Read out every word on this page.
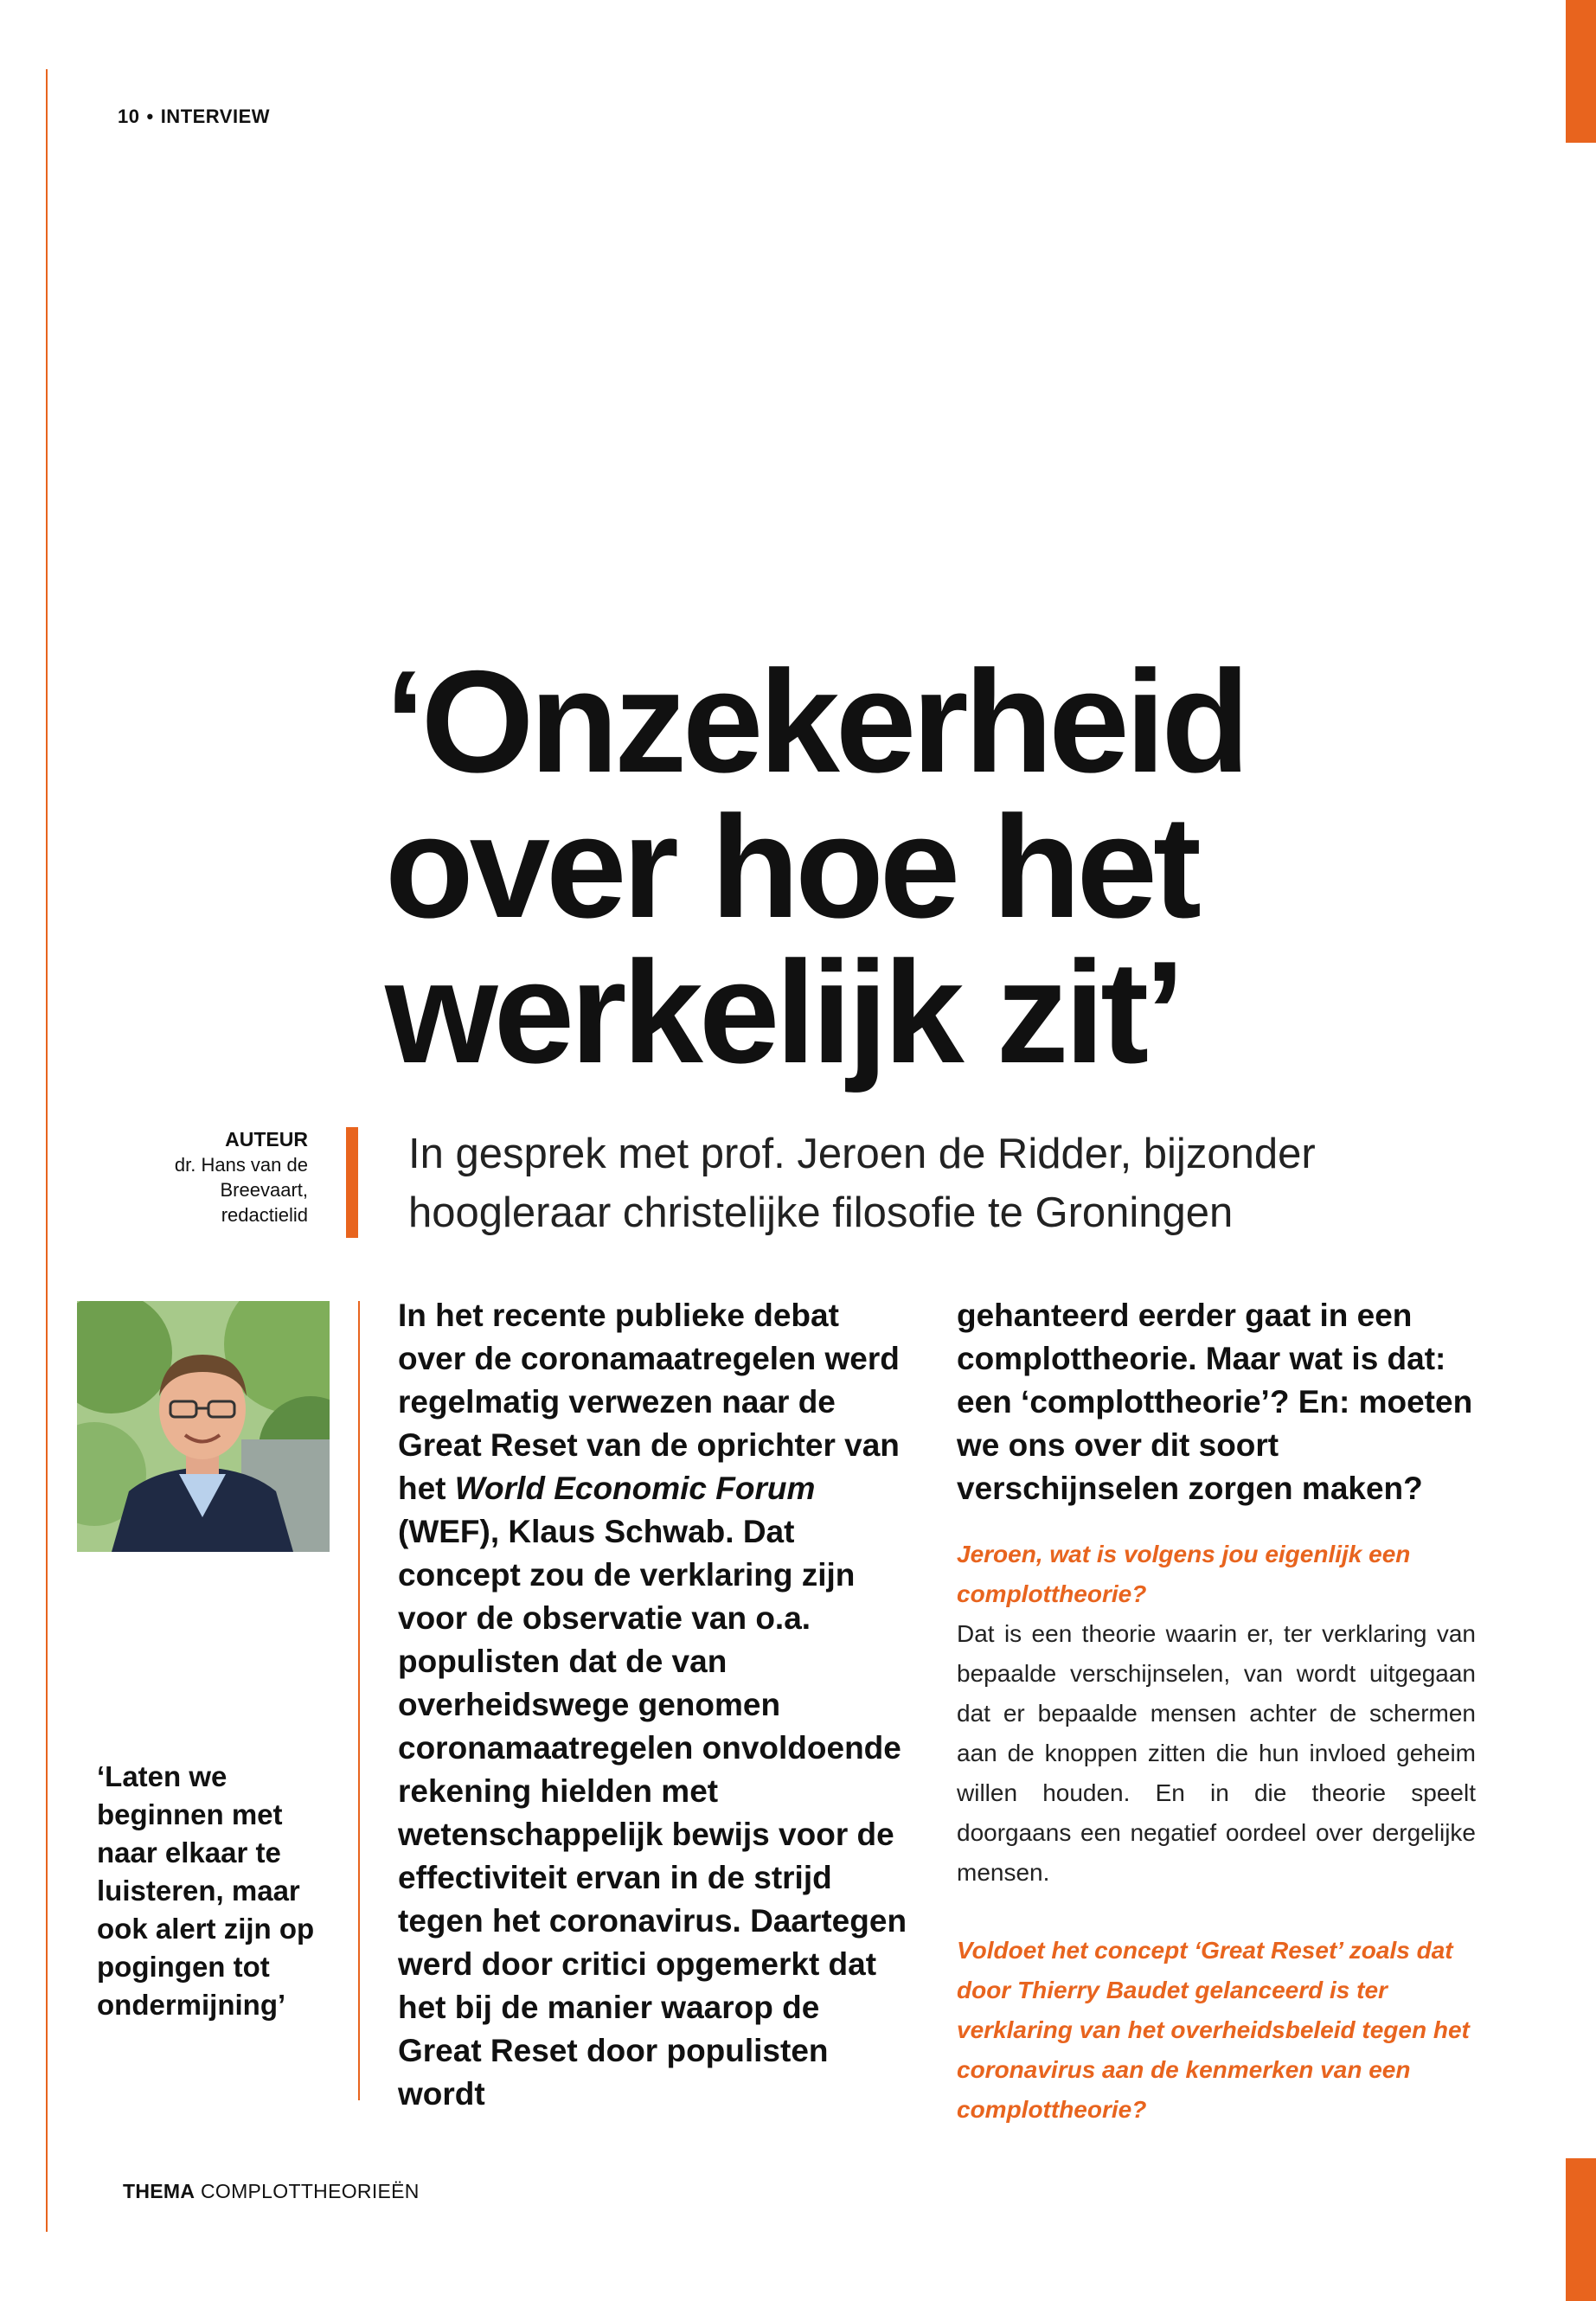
10 • INTERVIEW
‘Onzekerheid
over hoe het
werkelijk zit’
AUTEUR
dr. Hans van de
Breevaart,
redactielid
In gesprek met prof. Jeroen de Ridder, bijzonder
hoogleraar christelijke filosofie te Groningen
‘Laten we beginnen met naar elkaar te luisteren, maar ook alert zijn op pogingen tot ondermijning’
In het recente publieke debat over de coronamaatregelen werd regelmatig verwezen naar de Great Reset van de oprichter van het World Economic Forum (WEF), Klaus Schwab. Dat concept zou de verklaring zijn voor de observatie van o.a. populisten dat de van overheidswege genomen coronamaatregelen onvoldoende rekening hielden met wetenschappelijk bewijs voor de effectiviteit ervan in de strijd tegen het coronavirus. Daartegen werd door critici opgemerkt dat het bij de manier waarop de Great Reset door populisten wordt
gehanteerd eerder gaat in een complottheorie. Maar wat is dat: een ‘complottheorie’? En: moeten we ons over dit soort verschijnselen zorgen maken?
Jeroen, wat is volgens jou eigenlijk een complottheorie?
Dat is een theorie waarin er, ter verklaring van bepaalde verschijnselen, van wordt uitgegaan dat er bepaalde mensen achter de schermen aan de knoppen zitten die hun invloed geheim willen houden. En in die theorie speelt doorgaans een negatief oordeel over dergelijke mensen.
Voldoet het concept ‘Great Reset’ zoals dat door Thierry Baudet gelanceerd is ter verklaring van het overheidsbeleid tegen het coronavirus aan de kenmerken van een complottheorie?
THEMA COMPLOTTHEORIEËN
